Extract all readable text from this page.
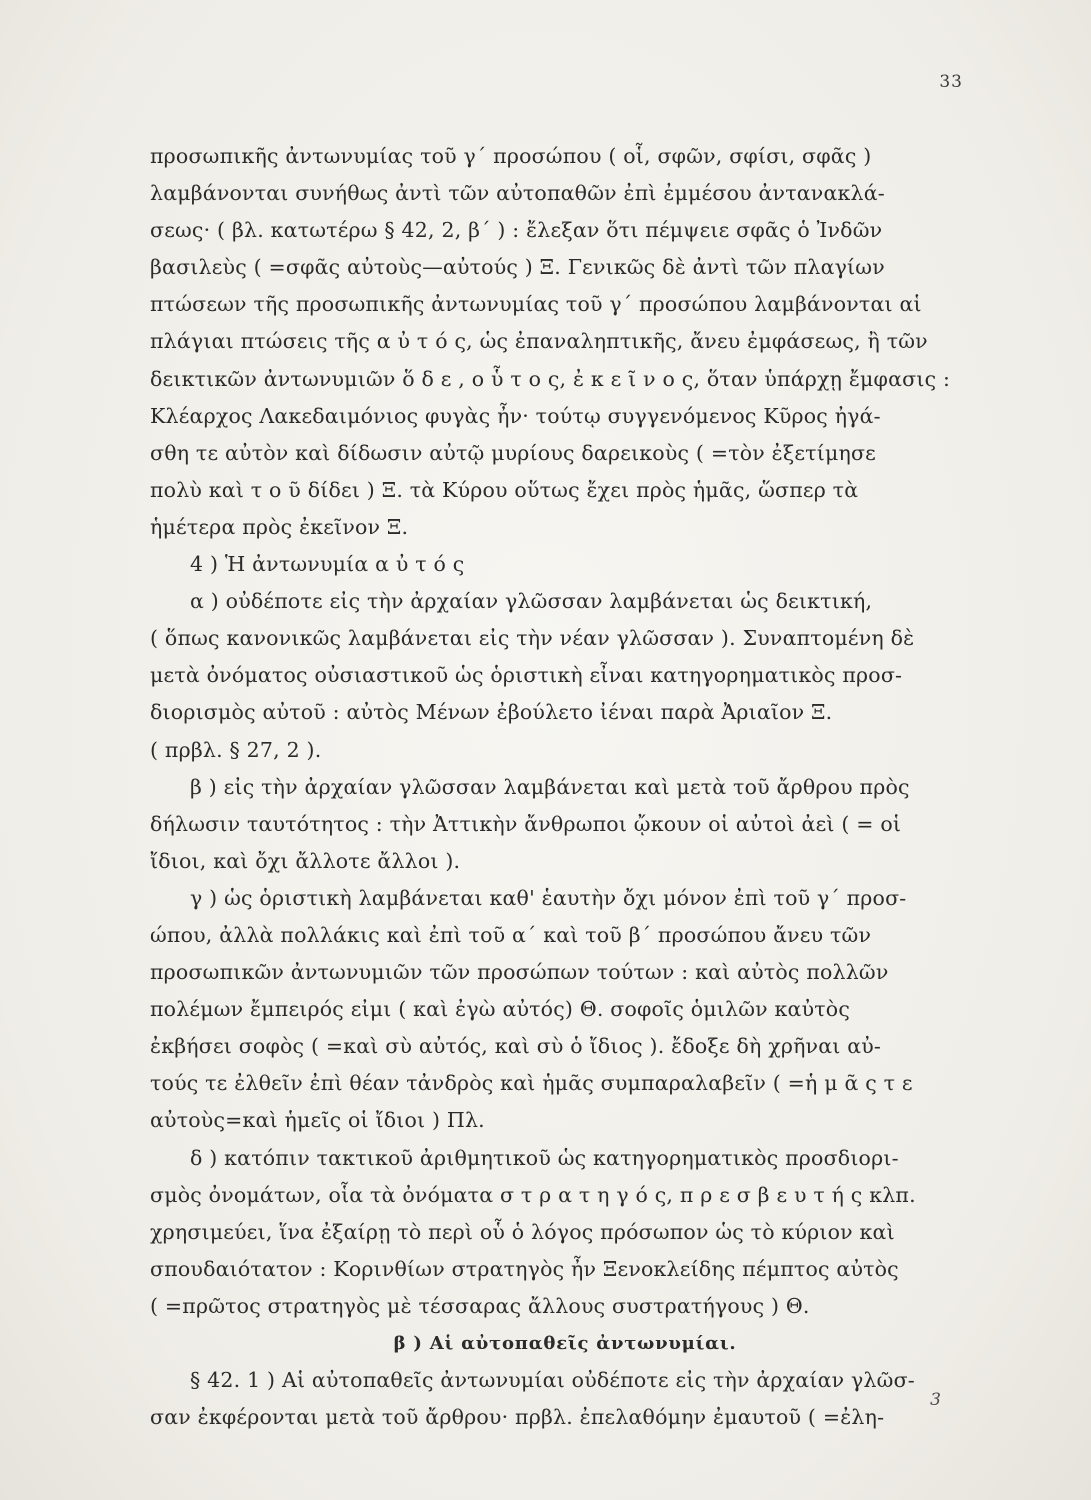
33
προσωπικῆς ἀντωνυμίας τοῦ γ΄ προσώπου ( οἷ, σφῶν, σφίσι, σφᾶς )
λαμβάνονται συνήθως ἀντὶ τῶν αὐτοπαθῶν ἐπὶ ἐμμέσου ἀντανακλά-
σεως· ( βλ. κατωτέρω § 42, 2, β΄ ) : ἔλεξαν ὅτι πέμψειε σφᾶς ὁ Ἰνδῶν
βασιλεὺς ( =σφᾶς αὐτοὺς—αὐτούς ) Ξ. Γενικῶς δὲ ἀντὶ τῶν πλαγίων
πτώσεων τῆς προσωπικῆς ἀντωνυμίας τοῦ γ΄ προσώπου λαμβάνονται αἱ
πλάγιαι πτώσεις τῆς α ὐ τ ό ς, ὡς ἐπαναληπτικῆς, ἄνευ ἐμφάσεως, ἢ τῶν
δεικτικῶν ἀντωνυμιῶν ὅ δ ε , ο ὗ τ ο ς, ἐ κ ε ῖ ν ο ς, ὅταν ὑπάρχῃ ἔμφασις :
Κλέαρχος Λακεδαιμόνιος φυγὰς ἦν· τούτῳ συγγενόμενος Κῦρος ἠγά-
σθη τε αὐτὸν καὶ δίδωσιν αὐτῷ μυρίους δαρεικοὺς ( =τὸν ἐξετίμησε
πολὺ καὶ τ ο ῦ δίδει ) Ξ. τὰ Κύρου οὕτως ἔχει πρὸς ἡμᾶς, ὥσπερ τὰ
ἡμέτερα πρὸς ἐκεῖνον Ξ.
4 ) Ἡ ἀντωνυμία α ὐ τ ό ς
α ) οὐδέποτε εἰς τὴν ἀρχαίαν γλῶσσαν λαμβάνεται ὡς δεικτική,
( ὅπως κανονικῶς λαμβάνεται εἰς τὴν νέαν γλῶσσαν ). Συναπτομένη δὲ
μετὰ ὀνόματος οὐσιαστικοῦ ὡς ὁριστικὴ εἶναι κατηγορηματικὸς προσ-
διορισμὸς αὐτοῦ : αὐτὸς Μένων ἐβούλετο ἰέναι παρὰ Ἀριαῖον Ξ.
( πρβλ. § 27, 2 ).
β ) εἰς τὴν ἀρχαίαν γλῶσσαν λαμβάνεται καὶ μετὰ τοῦ ἄρθρου πρὸς
δήλωσιν ταυτότητος : τὴν Ἀττικὴν ἄνθρωποι ᾤκουν οἱ αὐτοὶ ἀεὶ ( = οἱ
ἴδιοι, καὶ ὄχι ἄλλοτε ἄλλοι ).
γ ) ὡς ὁριστικὴ λαμβάνεται καθ' ἑαυτὴν ὄχι μόνον ἐπὶ τοῦ γ΄ προσ-
ώπου, ἀλλὰ πολλάκις καὶ ἐπὶ τοῦ α΄ καὶ τοῦ β΄ προσώπου ἄνευ τῶν
προσωπικῶν ἀντωνυμιῶν τῶν προσώπων τούτων : καὶ αὐτὸς πολλῶν
πολέμων ἔμπειρός εἰμι ( καὶ ἐγὼ αὐτός) Θ. σοφοῖς ὁμιλῶν καὐτὸς
ἐκβήσει σοφὸς ( =καὶ σὺ αὐτός, καὶ σὺ ὁ ἴδιος ). ἔδοξε δὴ χρῆναι αὐ-
τούς τε ἐλθεῖν ἐπὶ θέαν τἀνδρὸς καὶ ἡμᾶς συμπαραλαβεῖν ( =ἡ μ ᾶ ς τ ε
αὐτοὺς=καὶ ἡμεῖς οἱ ἴδιοι ) Πλ.
δ ) κατόπιν τακτικοῦ ἀριθμητικοῦ ὡς κατηγορηματικὸς προσδιορι-
σμὸς ὀνομάτων, οἷα τὰ ὀνόματα σ τ ρ α τ η γ ό ς, π ρ ε σ β ε υ τ ή ς κλπ.
χρησιμεύει, ἵνα ἐξαίρῃ τὸ περὶ οὗ ὁ λόγος πρόσωπον ὡς τὸ κύριον καὶ
σπουδαιότατον : Κορινθίων στρατηγὸς ἦν Ξενοκλείδης πέμπτος αὐτὸς
( =πρῶτος στρατηγὸς μὲ τέσσαρας ἄλλους συστρατήγους ) Θ.
β ) Αἱ αὐτοπαθεῖς ἀντωνυμίαι.
§ 42. 1 ) Αἱ αὐτοπαθεῖς ἀντωνυμίαι οὐδέποτε εἰς τὴν ἀρχαίαν γλῶσ-
σαν ἐκφέρονται μετὰ τοῦ ἄρθρου· πρβλ. ἐπελαθόμην ἐμαυτοῦ ( =ἐλη-
3
